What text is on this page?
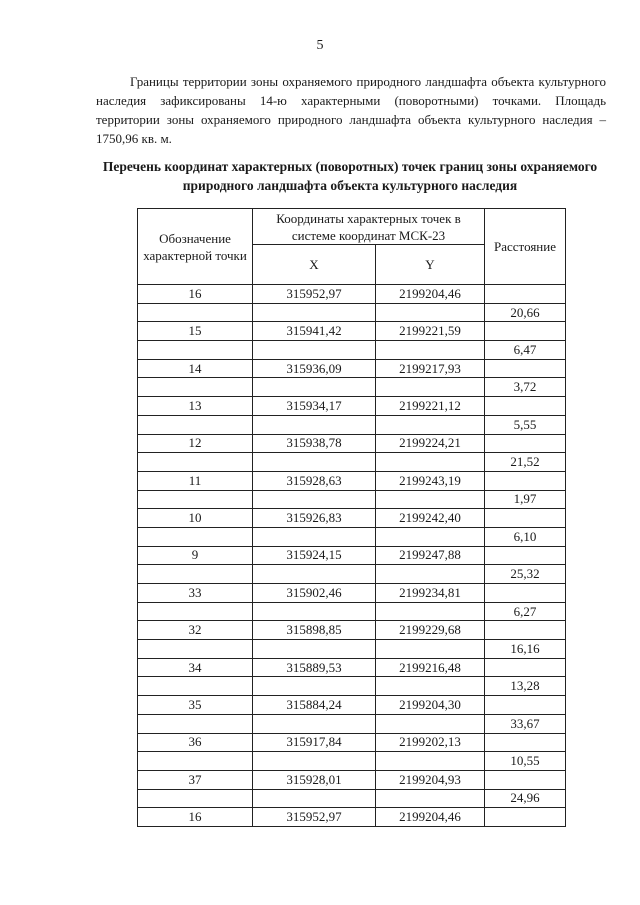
5
Границы территории зоны охраняемого природного ландшафта объекта культурного наследия зафиксированы 14-ю характерными (поворотными) точками. Площадь территории зоны охраняемого природного ландшафта объекта культурного наследия – 1750,96 кв. м.
Перечень координат характерных (поворотных) точек границ зоны охраняемого природного ландшафта объекта культурного наследия
Обозначение характерной точки	Координаты характерных точек в системе координат МСК-23		Расстояние
	X	Y	
16	315952,97	2199204,46	
			20,66
15	315941,42	2199221,59	
			6,47
14	315936,09	2199217,93	
			3,72
13	315934,17	2199221,12	
			5,55
12	315938,78	2199224,21	
			21,52
11	315928,63	2199243,19	
			1,97
10	315926,83	2199242,40	
			6,10
9	315924,15	2199247,88	
			25,32
33	315902,46	2199234,81	
			6,27
32	315898,85	2199229,68	
			16,16
34	315889,53	2199216,48	
			13,28
35	315884,24	2199204,30	
			33,67
36	315917,84	2199202,13	
			10,55
37	315928,01	2199204,93	
			24,96
16	315952,97	2199204,46	
